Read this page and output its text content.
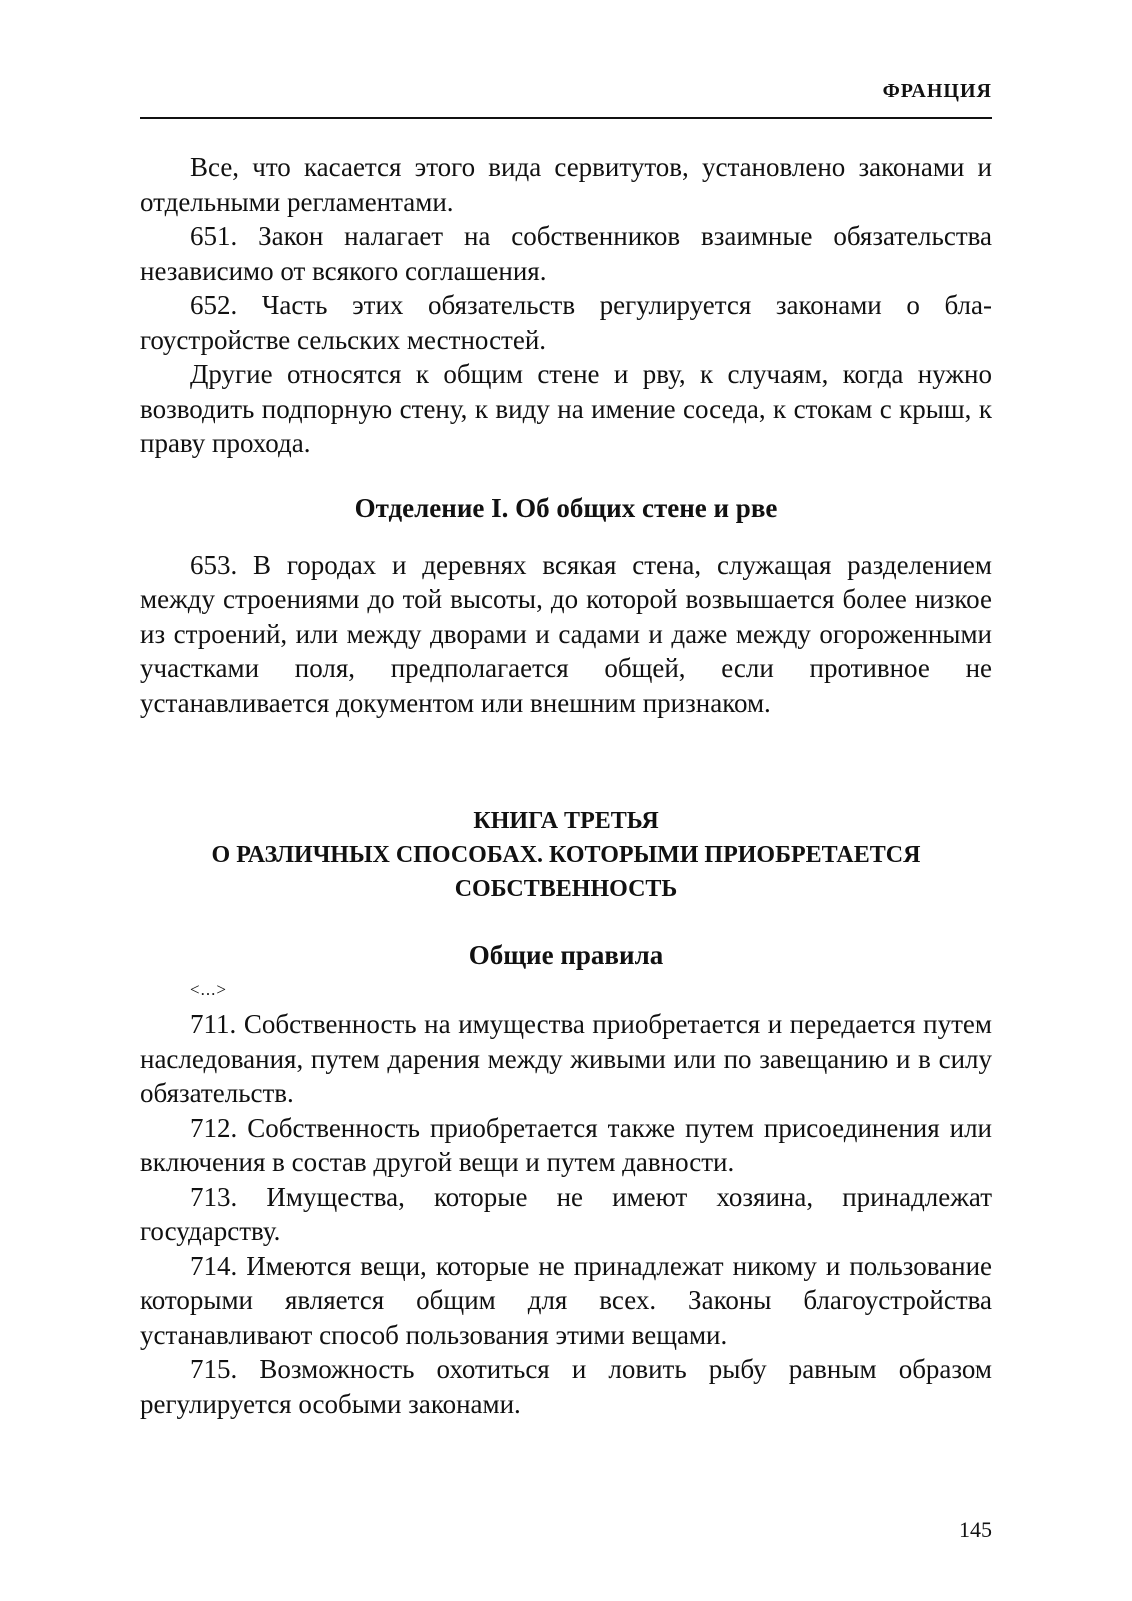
ФРАНЦИЯ

Все, что касается этого вида сервитутов, установлено законами и отдельными регламентами.

651. Закон налагает на собственников взаимные обязательства независимо от всякого соглашения.

652. Часть этих обязательств регулируется законами о благоустройстве сельских местностей.

Другие относятся к общим стене и рву, к случаям, когда нужно возводить подпорную стену, к виду на имение соседа, к стокам с крыш, к праву прохода.

Отделение I. Об общих стене и рве

653. В городах и деревнях всякая стена, служащая разделением между строениями до той высоты, до которой возвышается более низкое из строений, или между дворами и садами и даже между огороженными участками поля, предполагается общей, если противное не устанавливается документом или внешним признаком.

КНИГА ТРЕТЬЯ
О РАЗЛИЧНЫХ СПОСОБАХ. КОТОРЫМИ ПРИОБРЕТАЕТСЯ
СОБСТВЕННОСТЬ
Общие правила
<...>

711. Собственность на имущества приобретается и передается путем наследования, путем дарения между живыми или по завещанию и в силу обязательств.

712. Собственность приобретается также путем присоединения или включения в состав другой вещи и путем давности.

713. Имущества, которые не имеют хозяина, принадлежат государству.

714. Имеются вещи, которые не принадлежат никому и пользование которыми является общим для всех. Законы благоустройства устанавливают способ пользования этими вещами.

715. Возможность охотиться и ловить рыбу равным образом регулируется особыми законами.

145
